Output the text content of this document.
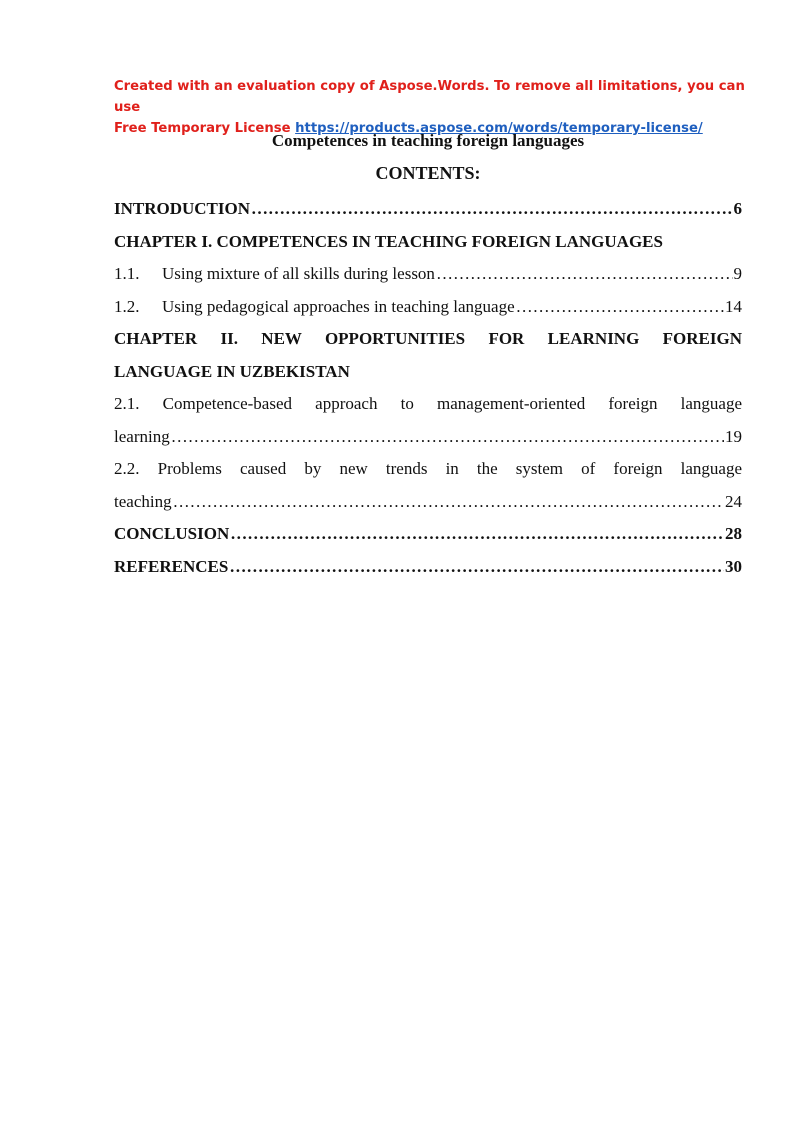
Created with an evaluation copy of Aspose.Words. To remove all limitations, you can use
Free Temporary License https://products.aspose.com/words/temporary-license/
Competences in teaching foreign languages
CONTENTS:
INTRODUCTION …………………………………………………………………………………………………………………………………………………………	6
CHAPTER I. COMPETENCES IN TEACHING FOREIGN LANGUAGES
1.1.	Using mixture of all skills during lesson …………………………………………………………………………………………………………………………………………………………	9
1.2.	Using pedagogical approaches in teaching language …………………………………………………………………………………………………………………………………………………………	14
CHAPTER II. NEW OPPORTUNITIES FOR LEARNING FOREIGN
LANGUAGE IN UZBEKISTAN
2.1. Competence-based approach to management-oriented foreign language
learning …………………………………………………………………………………………………………………………………………………………	19
2.2. Problems caused by new trends in the system of foreign language
teaching …………………………………………………………………………………………………………………………………………………………	24
CONCLUSION …………………………………………………………………………………………………………………………………………………………	28
REFERENCES …………………………………………………………………………………………………………………………………………………………	30
